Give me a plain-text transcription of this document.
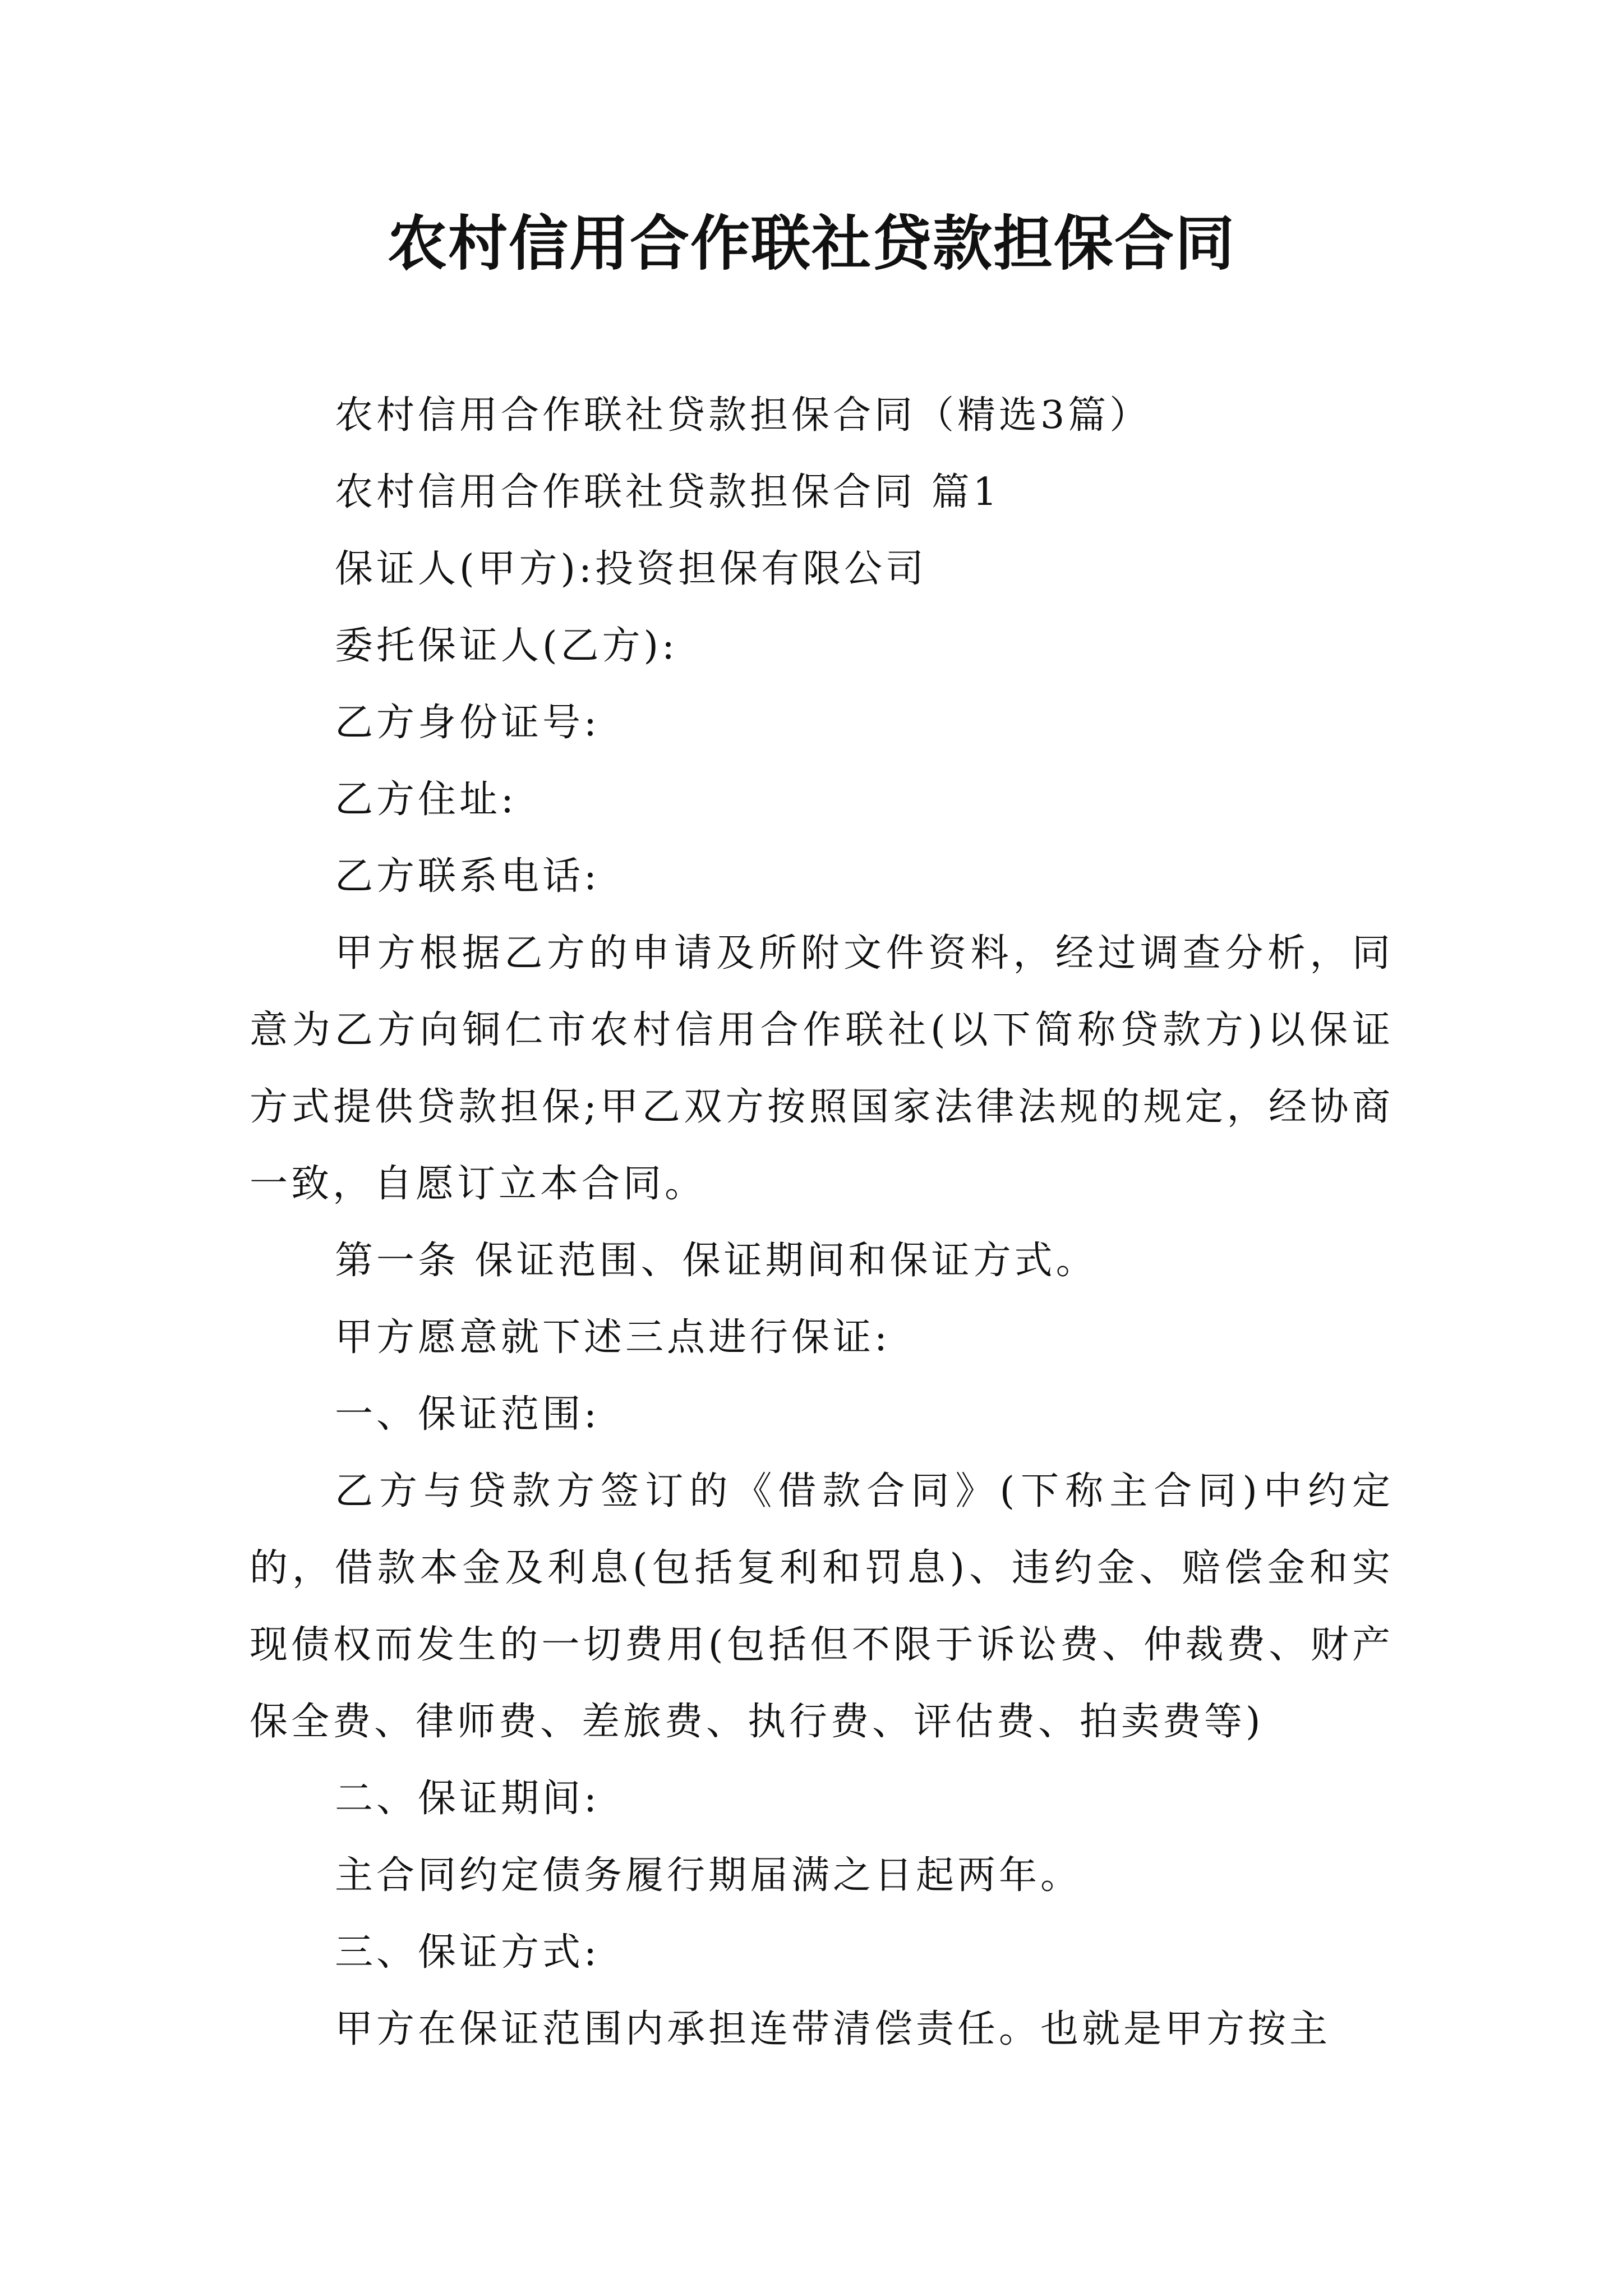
农村信用合作联社贷款担保合同

农村信用合作联社贷款担保合同（精选3篇）

农村信用合作联社贷款担保合同 篇1

保证人(甲方):投资担保有限公司

委托保证人(乙方):

乙方身份证号:

乙方住址:

乙方联系电话:

甲方根据乙方的申请及所附文件资料，经过调查分析，同意为乙方向铜仁市农村信用合作联社(以下简称贷款方)以保证方式提供贷款担保;甲乙双方按照国家法律法规的规定，经协商一致，自愿订立本合同。

第一条 保证范围、保证期间和保证方式。

甲方愿意就下述三点进行保证:

一、保证范围:

乙方与贷款方签订的《借款合同》(下称主合同)中约定的，借款本金及利息(包括复利和罚息)、违约金、赔偿金和实现债权而发生的一切费用(包括但不限于诉讼费、仲裁费、财产保全费、律师费、差旅费、执行费、评估费、拍卖费等)

二、保证期间:

主合同约定债务履行期届满之日起两年。

三、保证方式:

甲方在保证范围内承担连带清偿责任。也就是甲方按主
